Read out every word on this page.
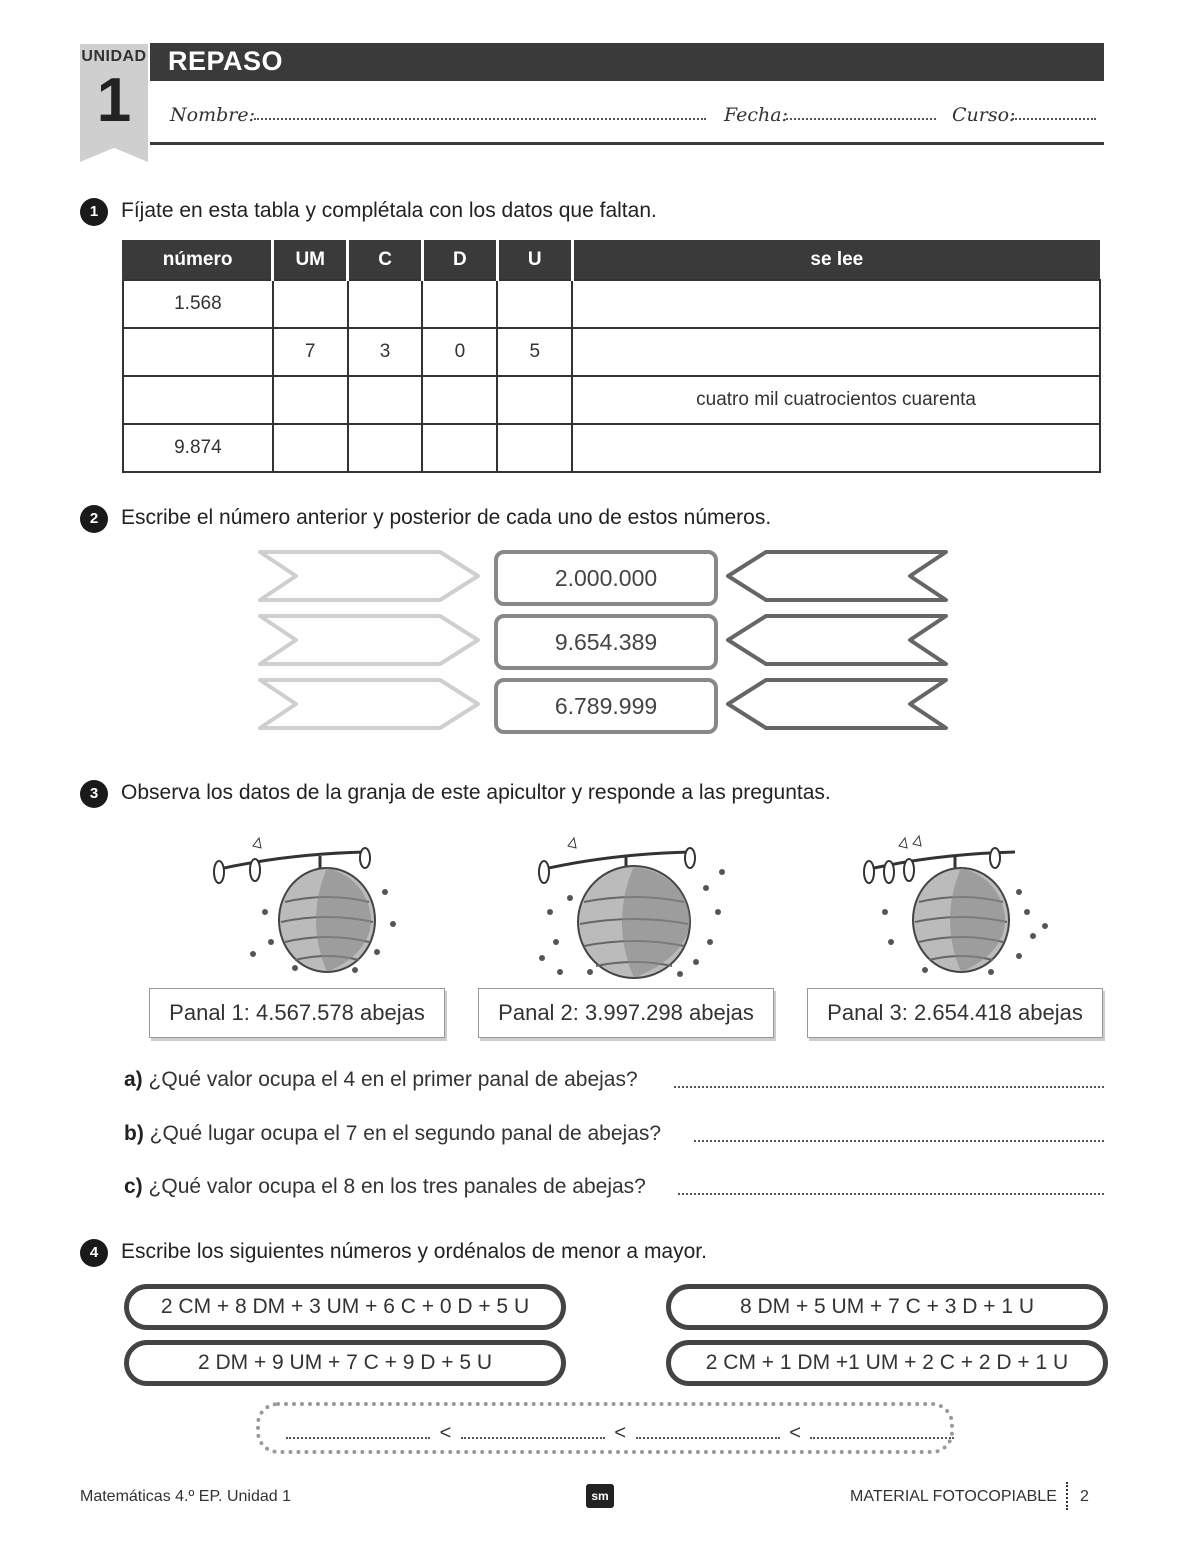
UNIDAD
1
REPASO
Nombre:	Fecha:	Curso:
1	Fíjate en esta tabla y complétala con los datos que faltan.
número	UM	C	D	U	se lee
1.568					
	7	3	0	5	
					cuatro mil cuatrocientos cuarenta
9.874					
2	Escribe el número anterior y posterior de cada uno de estos números.
2.000.000
9.654.389
6.789.999
3	Observa los datos de la granja de este apicultor y responde a las preguntas.
Panal 1: 4.567.578 abejas	Panal 2: 3.997.298 abejas	Panal 3: 2.654.418 abejas
a) ¿Qué valor ocupa el 4 en el primer panal de abejas?
b) ¿Qué lugar ocupa el 7 en el segundo panal de abejas?
c) ¿Qué valor ocupa el 8 en los tres panales de abejas?
4	Escribe los siguientes números y ordénalos de menor a mayor.
2 CM + 8 DM + 3 UM + 6 C + 0 D + 5 U	8 DM + 5 UM + 7 C + 3 D + 1 U
2 DM + 9 UM + 7 C + 9 D + 5 U	2 CM + 1 DM +1 UM + 2 C + 2 D + 1 U
<	<	<
Matemáticas 4.º EP. Unidad 1	sm	MATERIAL FOTOCOPIABLE 2
